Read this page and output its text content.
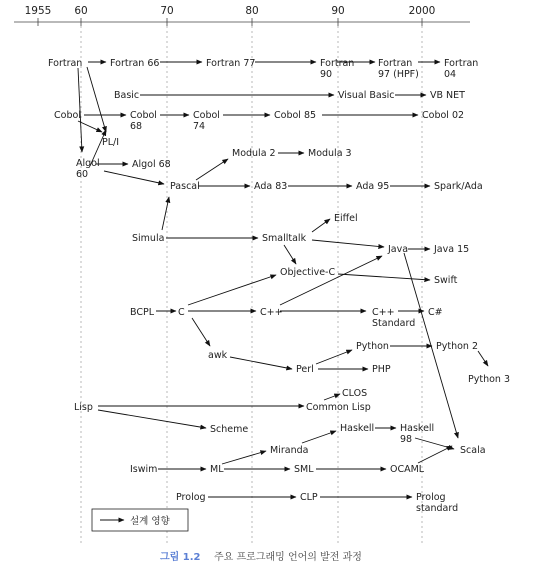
1955 60	70	80	90	2000
Fortran	Fortran 66	Fortran 77	Fortran 90
Fortran 97 (HPF)
Fortran 04
Basic	Visual Basic	VB NET
Cobol	Cobol 68
Cobol 74
Cobol 85	Cobol 02
PL/I
Algol 60
Algol 68
Modula 2	Modula 3
Pascal	Ada 83	Ada 95	Spark/Ada
Eiffel
Simula	Smalltalk
Java	Java 15
Objective-C
Swift
BCPL	C	C++	C++ Standard
C#
awk
Python	Python 2
Python 3
Perl	PHP
CLOS
Lisp	Common Lisp
Scheme	Haskell	Haskell 98
Miranda	Scala
Iswim	ML	SML	OCAML
Prolog	CLP	Prolog standard
설계 영향
그림 1.2 주요 프로그래밍 언어의 발전 과정
